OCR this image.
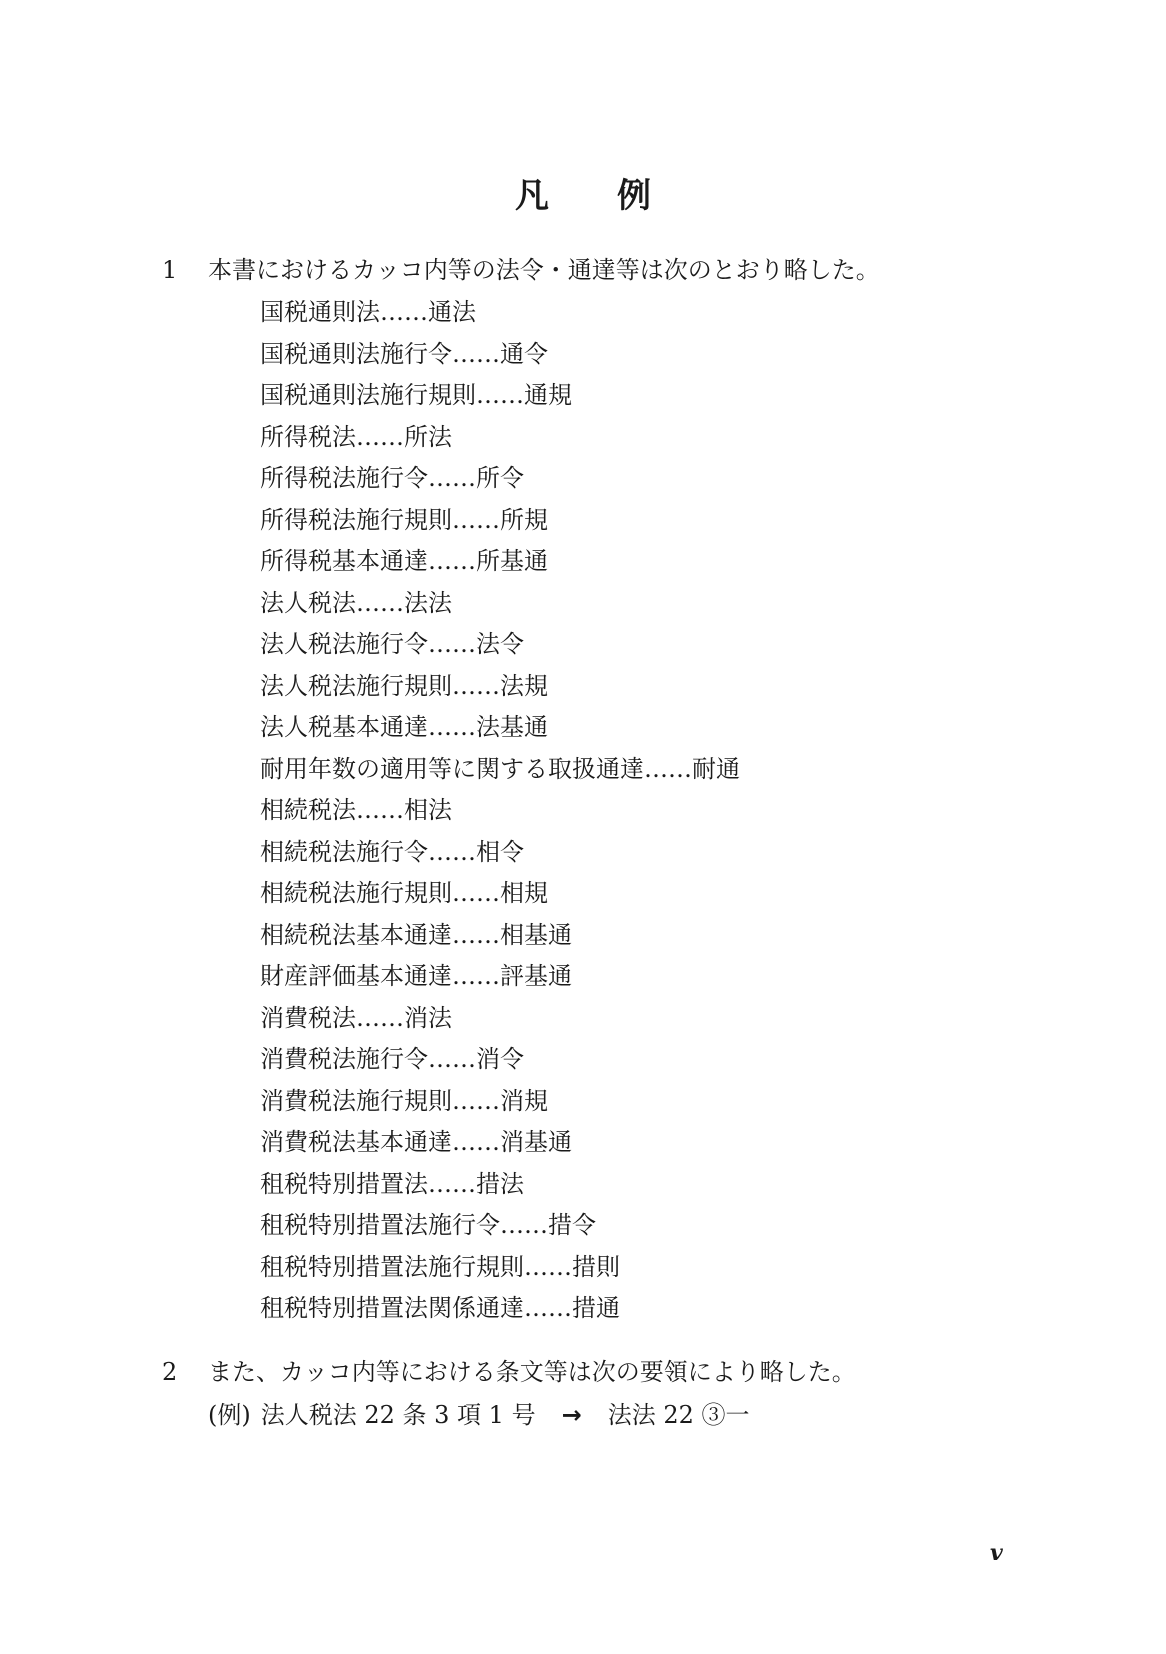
凡例
1	本書におけるカッコ内等の法令・通達等は次のとおり略した。
国税通則法……通法
国税通則法施行令……通令
国税通則法施行規則……通規
所得税法……所法
所得税法施行令……所令
所得税法施行規則……所規
所得税基本通達……所基通
法人税法……法法
法人税法施行令……法令
法人税法施行規則……法規
法人税基本通達……法基通
耐用年数の適用等に関する取扱通達……耐通
相続税法……相法
相続税法施行令……相令
相続税法施行規則……相規
相続税法基本通達……相基通
財産評価基本通達……評基通
消費税法……消法
消費税法施行令……消令
消費税法施行規則……消規
消費税法基本通達……消基通
租税特別措置法……措法
租税特別措置法施行令……措令
租税特別措置法施行規則……措則
租税特別措置法関係通達……措通
2	また、カッコ内等における条文等は次の要領により略した。
(例) 法人税法 22 条 3 項 1 号 → 法法 22 ③一
v
